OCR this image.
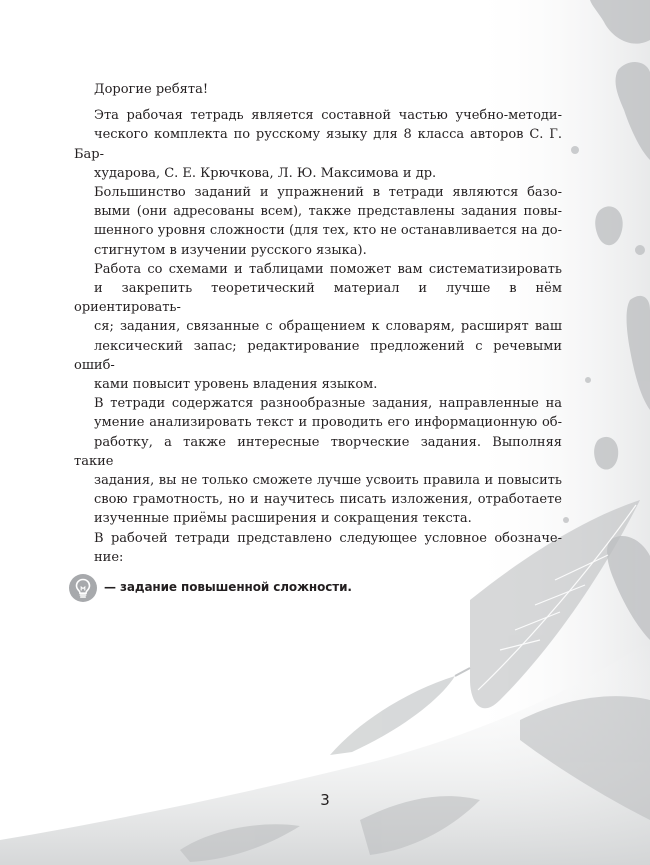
Дорогие ребята!

Эта рабочая тетрадь является составной частью учебно-методи-
ческого комплекта по русскому языку для 8 класса авторов С. Г. Бар-
хударова, С. Е. Крючкова, Л. Ю. Максимова и др.

Большинство заданий и упражнений в тетради являются базо-
выми (они адресованы всем), также представлены задания повы-
шенного уровня сложности (для тех, кто не останавливается на до-
стигнутом в изучении русского языка).

Работа со схемами и таблицами поможет вам систематизировать
и закрепить теоретический материал и лучше в нём ориентировать-
ся; задания, связанные с обращением к словарям, расширят ваш
лексический запас; редактирование предложений с речевыми ошиб-
ками повысит уровень владения языком.

В тетради содержатся разнообразные задания, направленные на
умение анализировать текст и проводить его информационную об-
работку, а также интересные творческие задания. Выполняя такие
задания, вы не только сможете лучше усвоить правила и повысить
свою грамотность, но и научитесь писать изложения, отработаете
изученные приёмы расширения и сокращения текста.

В рабочей тетради представлено следующее условное обозначе-
ние:

— задание повышенной сложности.
3
